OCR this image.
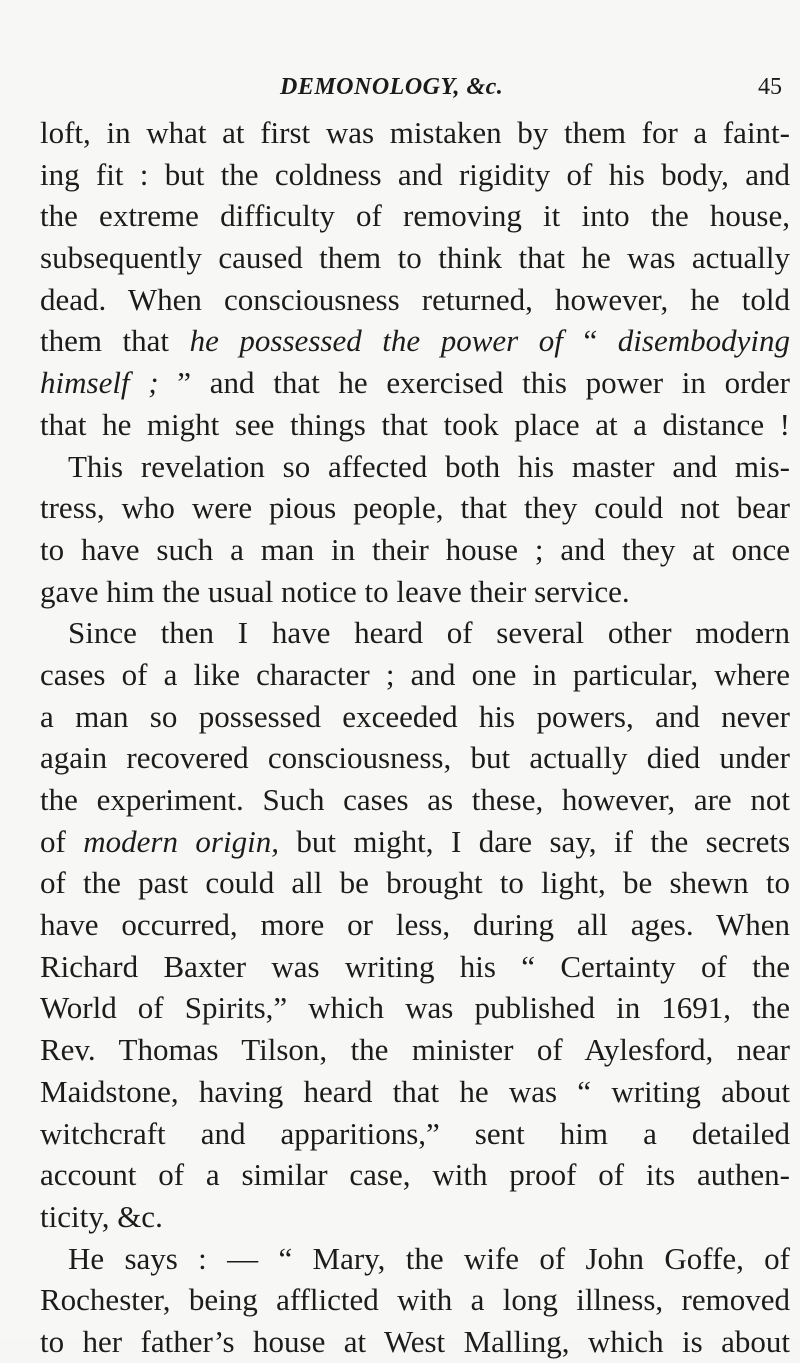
DEMONOLOGY, &c.	45
loft, in what at first was mistaken by them for a faint-
ing fit : but the coldness and rigidity of his body, and
the extreme difficulty of removing it into the house,
subsequently caused them to think that he was actually
dead. When consciousness returned, however, he told
them that he possessed the power of “ disembodying
himself ; ” and that he exercised this power in order
that he might see things that took place at a distance !
This revelation so affected both his master and mis-
tress, who were pious people, that they could not bear
to have such a man in their house ; and they at once
gave him the usual notice to leave their service.
Since then I have heard of several other modern
cases of a like character ; and one in particular, where
a man so possessed exceeded his powers, and never
again recovered consciousness, but actually died under
the experiment. Such cases as these, however, are not
of modern origin, but might, I dare say, if the secrets
of the past could all be brought to light, be shewn to
have occurred, more or less, during all ages. When
Richard Baxter was writing his “ Certainty of the
World of Spirits,” which was published in 1691, the
Rev. Thomas Tilson, the minister of Aylesford, near
Maidstone, having heard that he was “ writing about
witchcraft and apparitions,” sent him a detailed
account of a similar case, with proof of its authen-
ticity, &c.
He says : — “ Mary, the wife of John Goffe, of
Rochester, being afflicted with a long illness, removed
to her father’s house at West Malling, which is about
